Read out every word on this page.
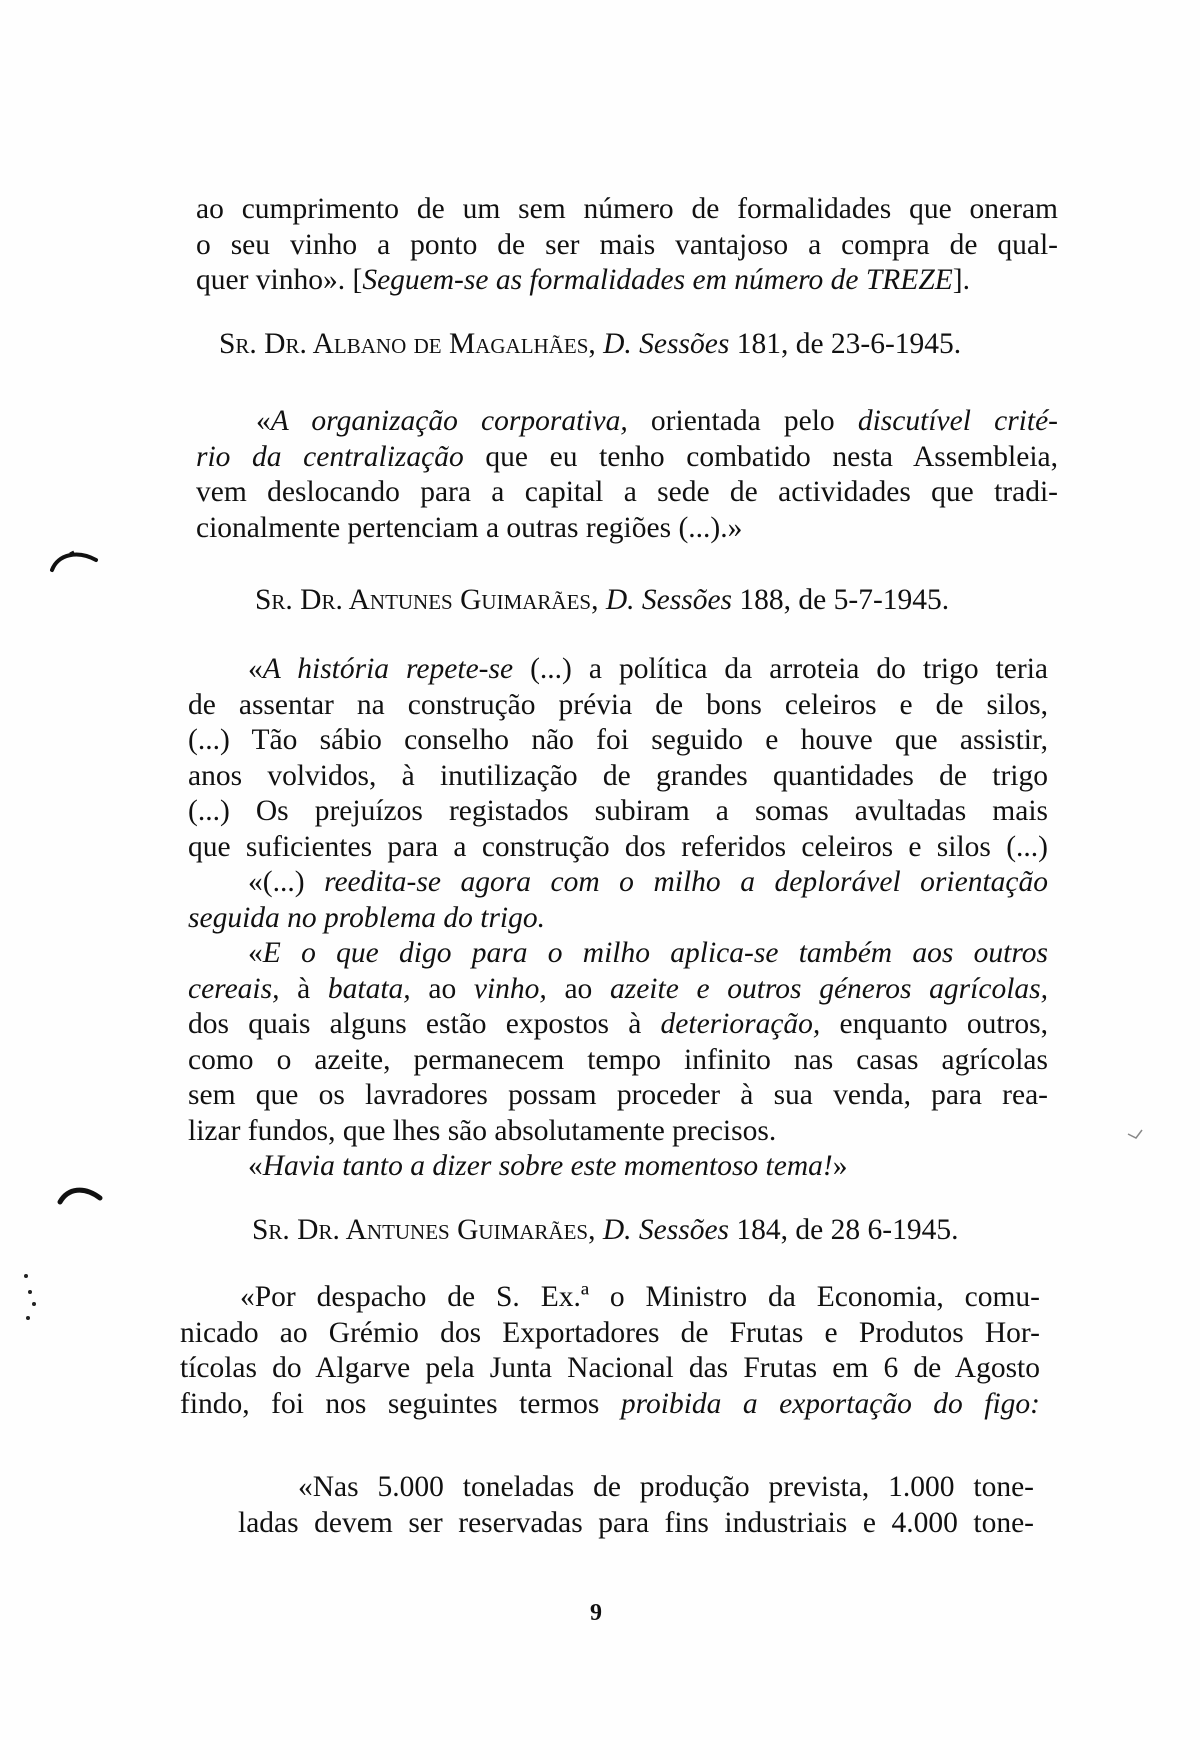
ao cumprimento de um sem número de formalidades que oneram
o seu vinho a ponto de ser mais vantajoso a compra de qual-
quer vinho». [Seguem-se as formalidades em número de TREZE].
Sr. Dr. Albano de Magalhães, D. Sessões 181, de 23-6-1945.
«A organização corporativa, orientada pelo discutível crité-
rio da centralização que eu tenho combatido nesta Assembleia,
vem deslocando para a capital a sede de actividades que tradi-
cionalmente pertenciam a outras regiões (...).»
Sr. Dr. Antunes Guimarães, D. Sessões 188, de 5-7-1945.
«A história repete-se (...) a política da arroteia do trigo teria
de assentar na construção prévia de bons celeiros e de silos,
(...) Tão sábio conselho não foi seguido e houve que assistir,
anos volvidos, à inutilização de grandes quantidades de trigo
(...) Os prejuízos registados subiram a somas avultadas mais
que suficientes para a construção dos referidos celeiros e silos (...)
«(...) reedita-se agora com o milho a deplorável orientação
seguida no problema do trigo.
«E o que digo para o milho aplica-se também aos outros
cereais, à batata, ao vinho, ao azeite e outros géneros agrícolas,
dos quais alguns estão expostos à deterioração, enquanto outros,
como o azeite, permanecem tempo infinito nas casas agrícolas
sem que os lavradores possam proceder à sua venda, para rea-
lizar fundos, que lhes são absolutamente precisos.
«Havia tanto a dizer sobre este momentoso tema!»
Sr. Dr. Antunes Guimarães, D. Sessões 184, de 28 6-1945.
«Por despacho de S. Ex.ª o Ministro da Economia, comu-
nicado ao Grémio dos Exportadores de Frutas e Produtos Hor-
tícolas do Algarve pela Junta Nacional das Frutas em 6 de Agosto
findo, foi nos seguintes termos proibida a exportação do figo:
«Nas 5.000 toneladas de produção prevista, 1.000 tone-
ladas devem ser reservadas para fins industriais e 4.000 tone-
9
